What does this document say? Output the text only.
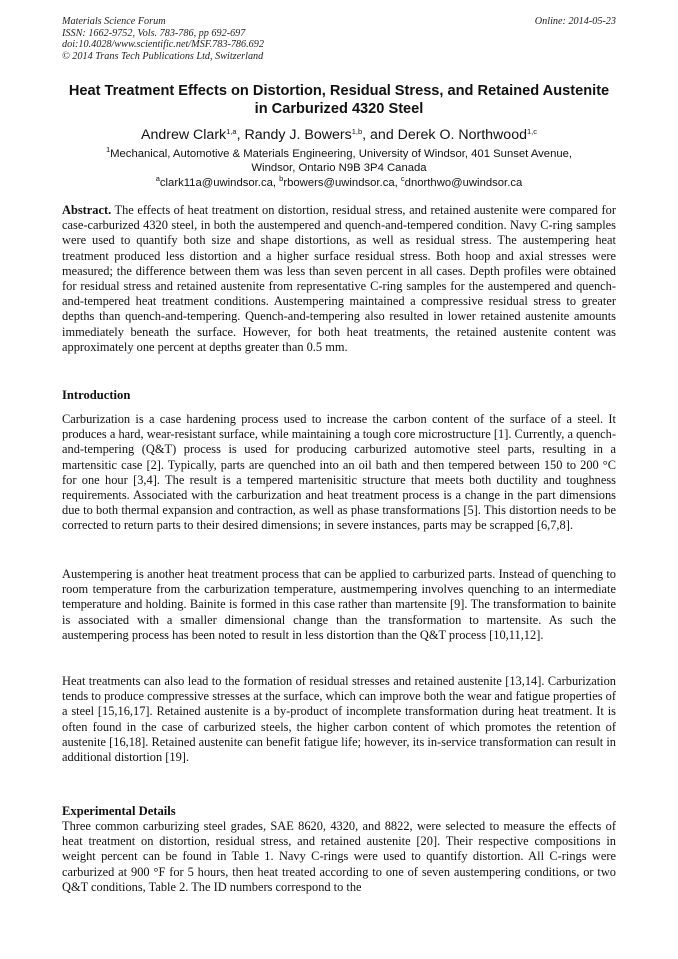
Materials Science Forum
ISSN: 1662-9752, Vols. 783-786, pp 692-697
doi:10.4028/www.scientific.net/MSF.783-786.692
© 2014 Trans Tech Publications Ltd, Switzerland
Online: 2014-05-23
Heat Treatment Effects on Distortion, Residual Stress, and Retained Austenite in Carburized 4320 Steel
Andrew Clark$^{1,a}$, Randy J. Bowers$^{1,b}$, and Derek O. Northwood$^{1,c}$
$^1$Mechanical, Automotive & Materials Engineering, University of Windsor, 401 Sunset Avenue,
Windsor, Ontario N9B 3P4 Canada
$^a$clark11a@uwindsor.ca, $^b$rbowers@uwindsor.ca, $^c$dnorthwo@uwindsor.ca

Abstract. The effects of heat treatment on distortion, residual stress, and retained austenite were compared for case-carburized 4320 steel, in both the austempered and quench-and-tempered condition. Navy C-ring samples were used to quantify both size and shape distortions, as well as residual stress. The austempering heat treatment produced less distortion and a higher surface residual stress. Both hoop and axial stresses were measured; the difference between them was less than seven percent in all cases. Depth profiles were obtained for residual stress and retained austenite from representative C-ring samples for the austempered and quench-and-tempered heat treatment conditions. Austempering maintained a compressive residual stress to greater depths than quench-and-tempering. Quench-and-tempering also resulted in lower retained austenite amounts immediately beneath the surface. However, for both heat treatments, the retained austenite content was approximately one percent at depths greater than 0.5 mm.

Introduction

Carburization is a case hardening process used to increase the carbon content of the surface of a steel. It produces a hard, wear-resistant surface, while maintaining a tough core microstructure [1]. Currently, a quench-and-tempering (Q&T) process is used for producing carburized automotive steel parts, resulting in a martensitic case [2]. Typically, parts are quenched into an oil bath and then tempered between 150 to 200 °C for one hour [3,4]. The result is a tempered martenisitic structure that meets both ductility and toughness requirements. Associated with the carburization and heat treatment process is a change in the part dimensions due to both thermal expansion and contraction, as well as phase transformations [5]. This distortion needs to be corrected to return parts to their desired dimensions; in severe instances, parts may be scrapped [6,7,8].

Austempering is another heat treatment process that can be applied to carburized parts. Instead of quenching to room temperature from the carburization temperature, austmempering involves quenching to an intermediate temperature and holding. Bainite is formed in this case rather than martensite [9]. The transformation to bainite is associated with a smaller dimensional change than the transformation to martensite. As such the austempering process has been noted to result in less distortion than the Q&T process [10,11,12].

Heat treatments can also lead to the formation of residual stresses and retained austenite [13,14]. Carburization tends to produce compressive stresses at the surface, which can improve both the wear and fatigue properties of a steel [15,16,17]. Retained austenite is a by-product of incomplete transformation during heat treatment. It is often found in the case of carburized steels, the higher carbon content of which promotes the retention of austenite [16,18]. Retained austenite can benefit fatigue life; however, its in-service transformation can result in additional distortion [19].

Experimental Details

Three common carburizing steel grades, SAE 8620, 4320, and 8822, were selected to measure the effects of heat treatment on distortion, residual stress, and retained austenite [20]. Their respective compositions in weight percent can be found in Table 1. Navy C-rings were used to quantify distortion. All C-rings were carburized at 900 °F for 5 hours, then heat treated according to one of seven austempering conditions, or two Q&T conditions, Table 2. The ID numbers correspond to the
